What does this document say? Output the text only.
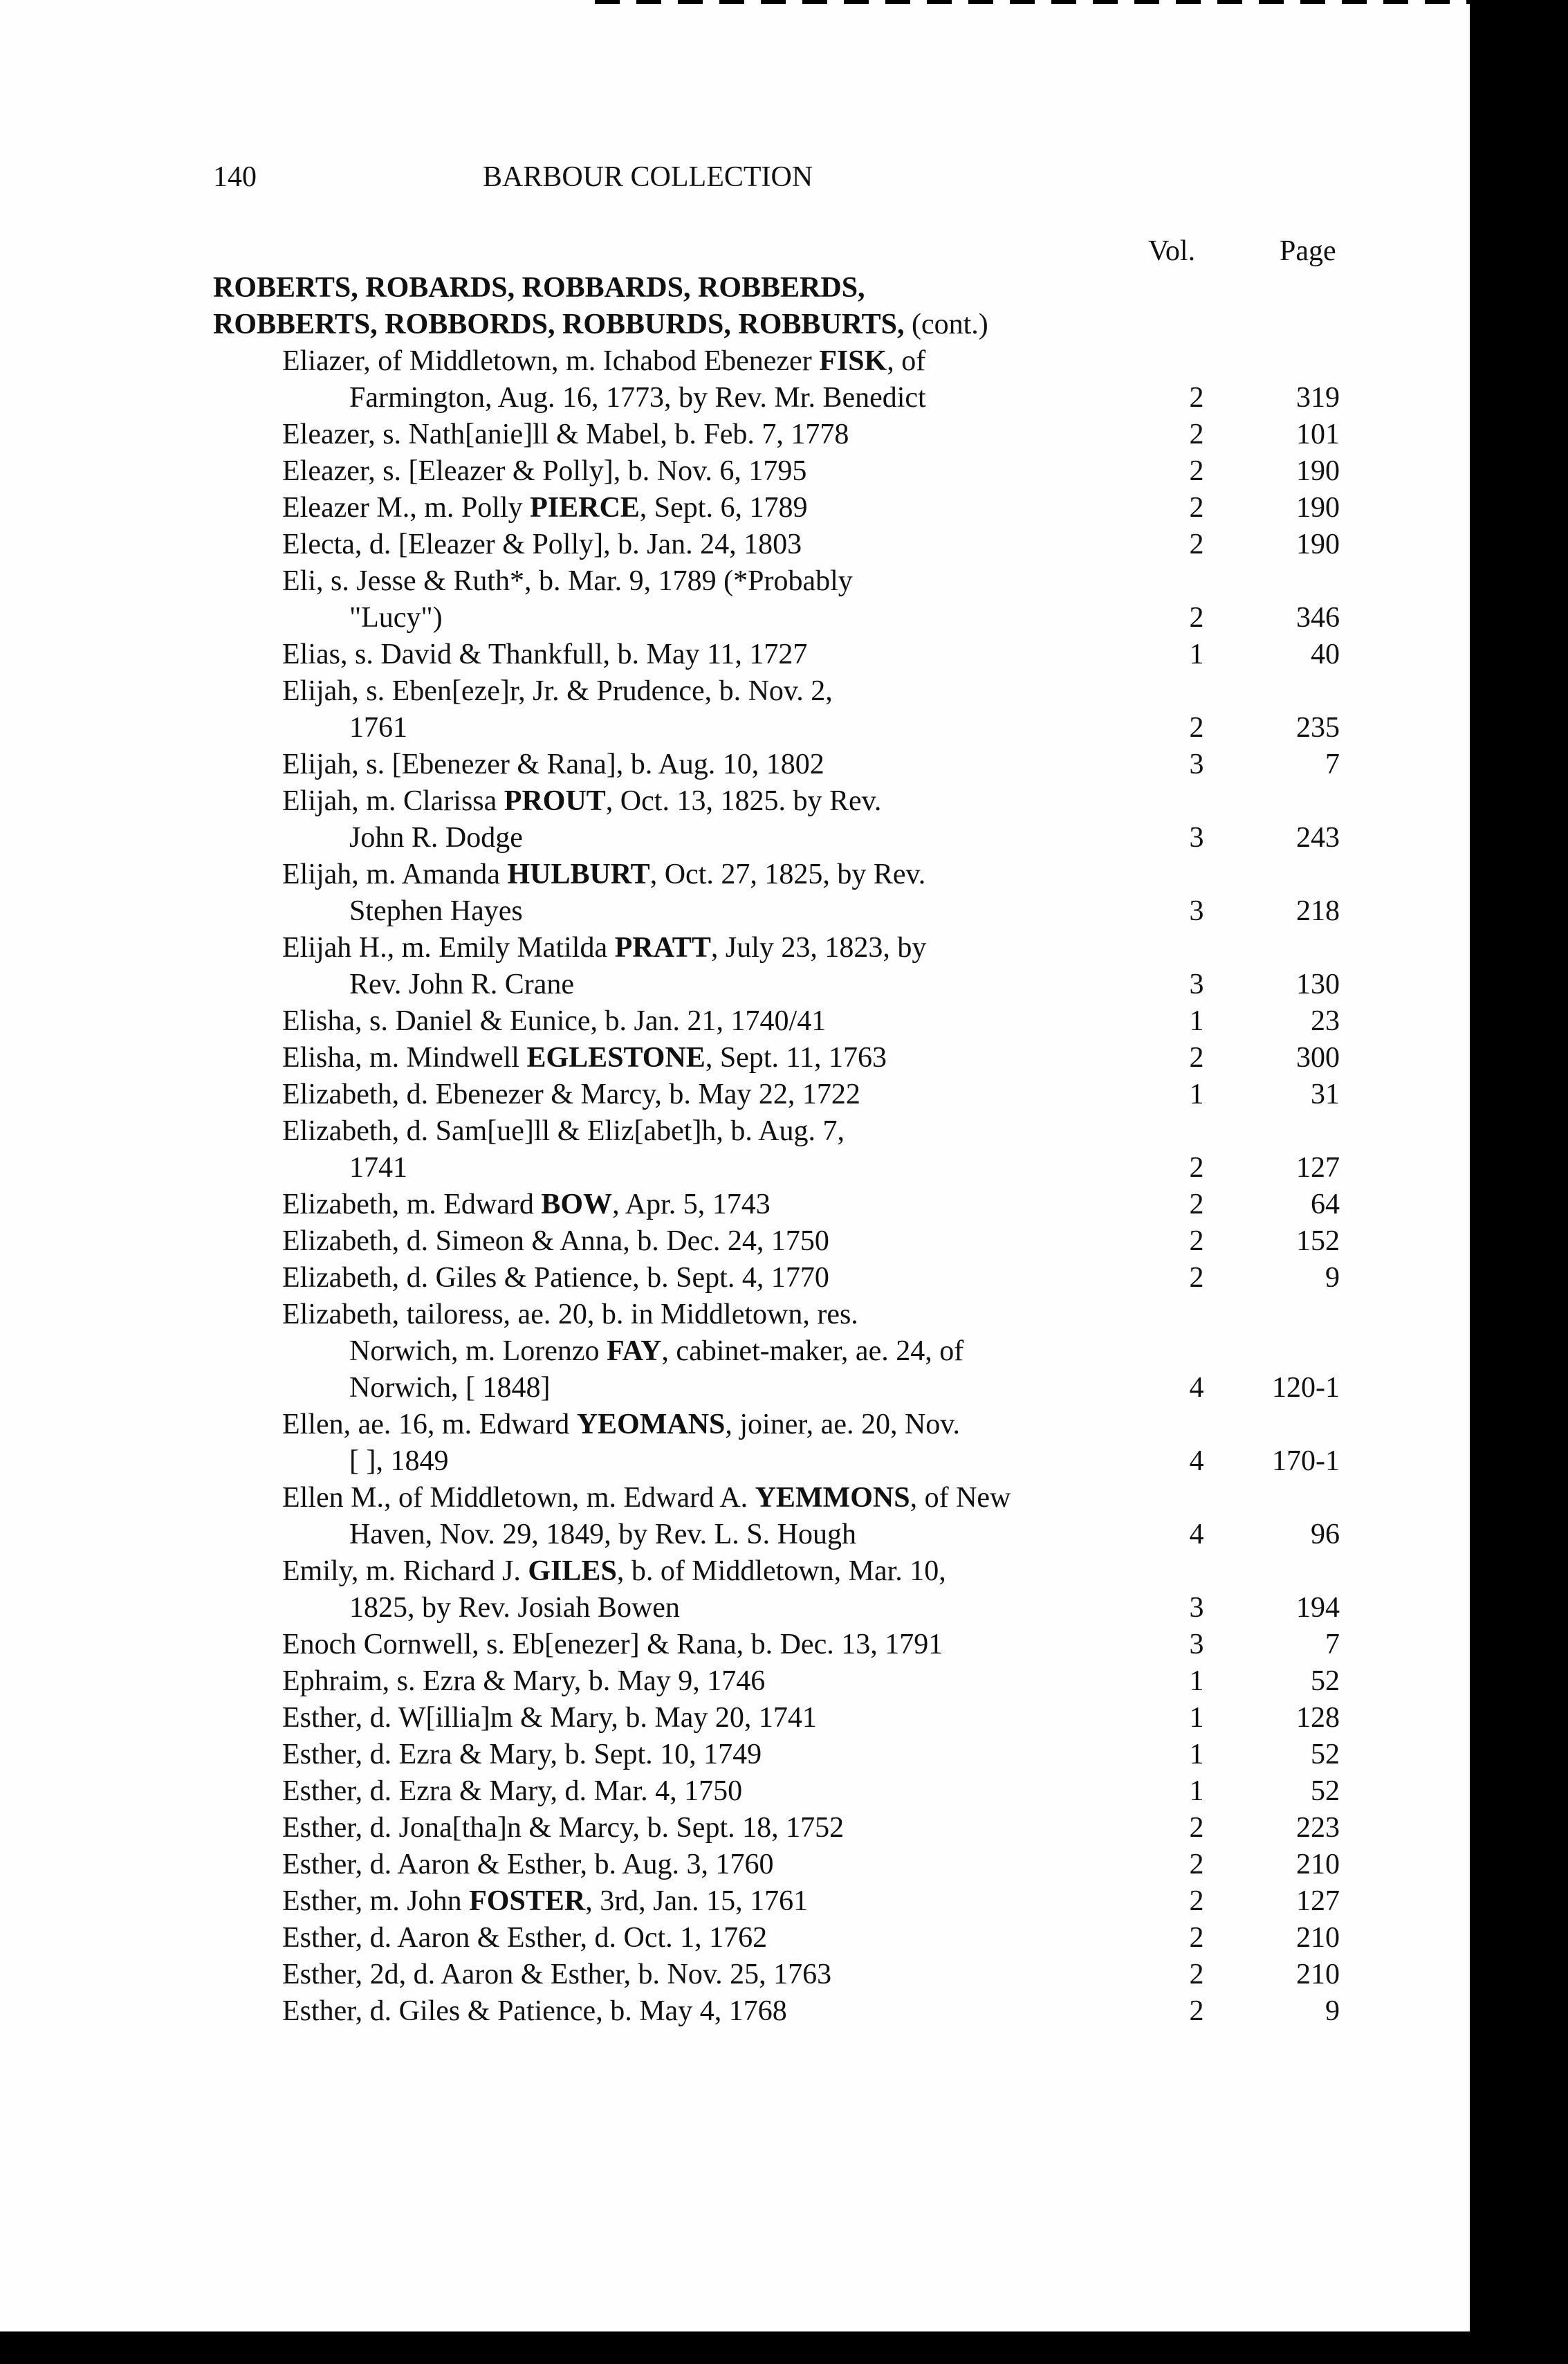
140	BARBOUR COLLECTION
Vol.	Page
ROBERTS, ROBARDS, ROBBARDS, ROBBERDS,
ROBBERTS, ROBBORDS, ROBBURDS, ROBBURTS, (cont.)
Eliazer, of Middletown, m. Ichabod Ebenezer FISK, of
Farmington, Aug. 16, 1773, by Rev. Mr. Benedict	2	319
Eleazer, s. Nath[anie]ll & Mabel, b. Feb. 7, 1778	2	101
Eleazer, s. [Eleazer & Polly], b. Nov. 6, 1795	2	190
Eleazer M., m. Polly PIERCE, Sept. 6, 1789	2	190
Electa, d. [Eleazer & Polly], b. Jan. 24, 1803	2	190
Eli, s. Jesse & Ruth*, b. Mar. 9, 1789 (*Probably
"Lucy")	2	346
Elias, s. David & Thankfull, b. May 11, 1727	1	40
Elijah, s. Eben[eze]r, Jr. & Prudence, b. Nov. 2,
1761	2	235
Elijah, s. [Ebenezer & Rana], b. Aug. 10, 1802	3	7
Elijah, m. Clarissa PROUT, Oct. 13, 1825. by Rev.
John R. Dodge	3	243
Elijah, m. Amanda HULBURT, Oct. 27, 1825, by Rev.
Stephen Hayes	3	218
Elijah H., m. Emily Matilda PRATT, July 23, 1823, by
Rev. John R. Crane	3	130
Elisha, s. Daniel & Eunice, b. Jan. 21, 1740/41	1	23
Elisha, m. Mindwell EGLESTONE, Sept. 11, 1763	2	300
Elizabeth, d. Ebenezer & Marcy, b. May 22, 1722	1	31
Elizabeth, d. Sam[ue]ll & Eliz[abet]h, b. Aug. 7,
1741	2	127
Elizabeth, m. Edward BOW, Apr. 5, 1743	2	64
Elizabeth, d. Simeon & Anna, b. Dec. 24, 1750	2	152
Elizabeth, d. Giles & Patience, b. Sept. 4, 1770	2	9
Elizabeth, tailoress, ae. 20, b. in Middletown, res.
Norwich, m. Lorenzo FAY, cabinet-maker, ae. 24, of
Norwich, [ 1848]	4	120-1
Ellen, ae. 16, m. Edward YEOMANS, joiner, ae. 20, Nov.
[ ], 1849	4	170-1
Ellen M., of Middletown, m. Edward A. YEMMONS, of New
Haven, Nov. 29, 1849, by Rev. L. S. Hough	4	96
Emily, m. Richard J. GILES, b. of Middletown, Mar. 10,
1825, by Rev. Josiah Bowen	3	194
Enoch Cornwell, s. Eb[enezer] & Rana, b. Dec. 13, 1791	3	7
Ephraim, s. Ezra & Mary, b. May 9, 1746	1	52
Esther, d. W[illia]m & Mary, b. May 20, 1741	1	128
Esther, d. Ezra & Mary, b. Sept. 10, 1749	1	52
Esther, d. Ezra & Mary, d. Mar. 4, 1750	1	52
Esther, d. Jona[tha]n & Marcy, b. Sept. 18, 1752	2	223
Esther, d. Aaron & Esther, b. Aug. 3, 1760	2	210
Esther, m. John FOSTER, 3rd, Jan. 15, 1761	2	127
Esther, d. Aaron & Esther, d. Oct. 1, 1762	2	210
Esther, 2d, d. Aaron & Esther, b. Nov. 25, 1763	2	210
Esther, d. Giles & Patience, b. May 4, 1768	2	9
